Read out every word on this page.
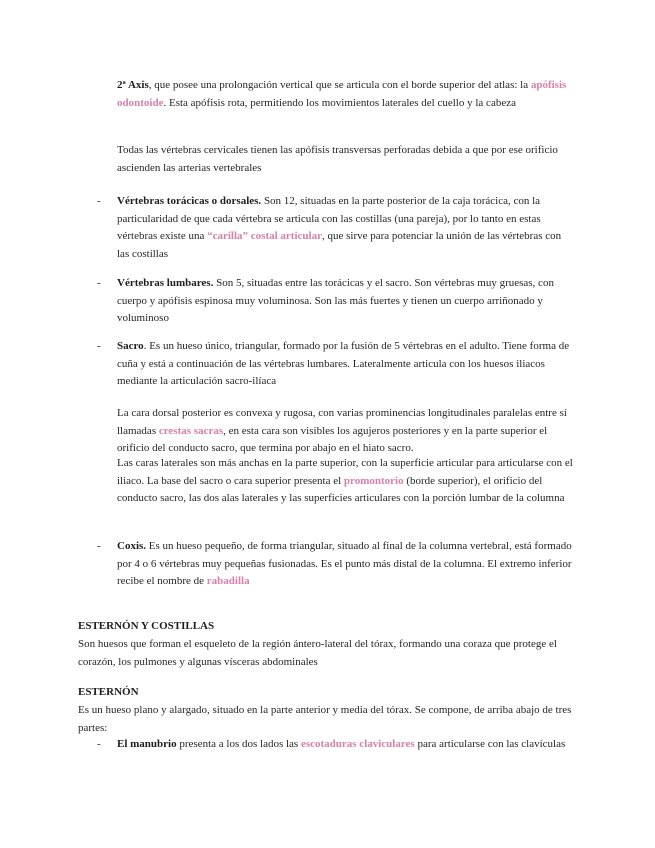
2ª Axis, que posee una prolongación vertical que se articula con el borde superior del atlas: la apófisis odontoide. Esta apófisis rota, permitiendo los movimientos laterales del cuello y la cabeza

Todas las vértebras cervicales tienen las apófisis transversas perforadas debida a que por ese orificio ascienden las arterias vertebrales

- Vértebras torácicas o dorsales. Son 12, situadas en la parte posterior de la caja torácica, con la particularidad de que cada vértebra se articula con las costillas (una pareja), por lo tanto en estas vértebras existe una “carilla” costal articular, que sirve para potenciar la unión de las vértebras con las costillas

- Vértebras lumbares. Son 5, situadas entre las torácicas y el sacro. Son vértebras muy gruesas, con cuerpo y apófisis espinosa muy voluminosa. Son las más fuertes y tienen un cuerpo arriñonado y voluminoso

- Sacro. Es un hueso único, triangular, formado por la fusión de 5 vértebras en el adulto. Tiene forma de cuña y está a continuación de las vértebras lumbares. Lateralmente articula con los huesos iliacos mediante la articulación sacro-ilíaca

La cara dorsal posterior es convexa y rugosa, con varias prominencias longitudinales paralelas entre sí llamadas crestas sacras, en esta cara son visibles los agujeros posteriores y en la parte superior el orificio del conducto sacro, que termina por abajo en el hiato sacro.

Las caras laterales son más anchas en la parte superior, con la superficie articular para articularse con el iliaco. La base del sacro o cara superior presenta el promontorio (borde superior), el orificio del conducto sacro, las dos alas laterales y las superficies articulares con la porción lumbar de la columna

- Coxis. Es un hueso pequeño, de forma triangular, situado al final de la columna vertebral, está formado por 4 o 6 vértebras muy pequeñas fusionadas. Es el punto más distal de la columna. El extremo inferior recibe el nombre de rabadilla

ESTERNÓN Y COSTILLAS

Son huesos que forman el esqueleto de la región ántero-lateral del tórax, formando una coraza que protege el corazón, los pulmones y algunas vísceras abdominales

ESTERNÓN

Es un hueso plano y alargado, situado en la parte anterior y media del tórax. Se compone, de arriba abajo de tres partes:

- El manubrio presenta a los dos lados las escotaduras claviculares para articularse con las clavículas
